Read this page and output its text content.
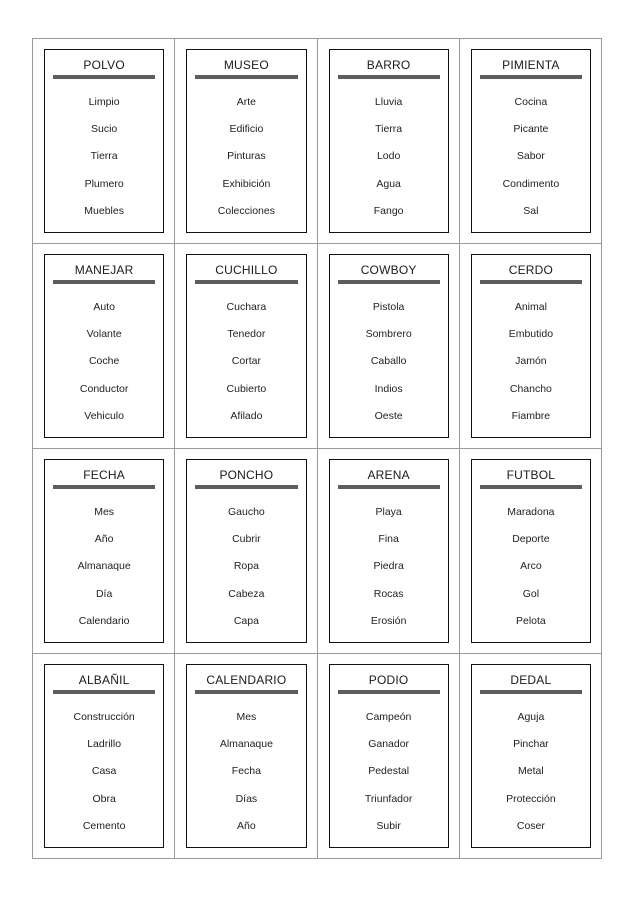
POLVO
Limpio
Sucio
Tierra
Plumero
Muebles
MUSEO
Arte
Edificio
Pinturas
Exhibición
Colecciones
BARRO
Lluvia
Tierra
Lodo
Agua
Fango
PIMIENTA
Cocina
Picante
Sabor
Condimento
Sal
MANEJAR
Auto
Volante
Coche
Conductor
Vehiculo
CUCHILLO
Cuchara
Tenedor
Cortar
Cubierto
Afilado
COWBOY
Pistola
Sombrero
Caballo
Indios
Oeste
CERDO
Animal
Embutido
Jamón
Chancho
Fiambre
FECHA
Mes
Año
Almanaque
Día
Calendario
PONCHO
Gaucho
Cubrir
Ropa
Cabeza
Capa
ARENA
Playa
Fina
Piedra
Rocas
Erosión
FUTBOL
Maradona
Deporte
Arco
Gol
Pelota
ALBAÑIL
Construcción
Ladrillo
Casa
Obra
Cemento
CALENDARIO
Mes
Almanaque
Fecha
Días
Año
PODIO
Campeón
Ganador
Pedestal
Triunfador
Subir
DEDAL
Aguja
Pinchar
Metal
Protección
Coser
